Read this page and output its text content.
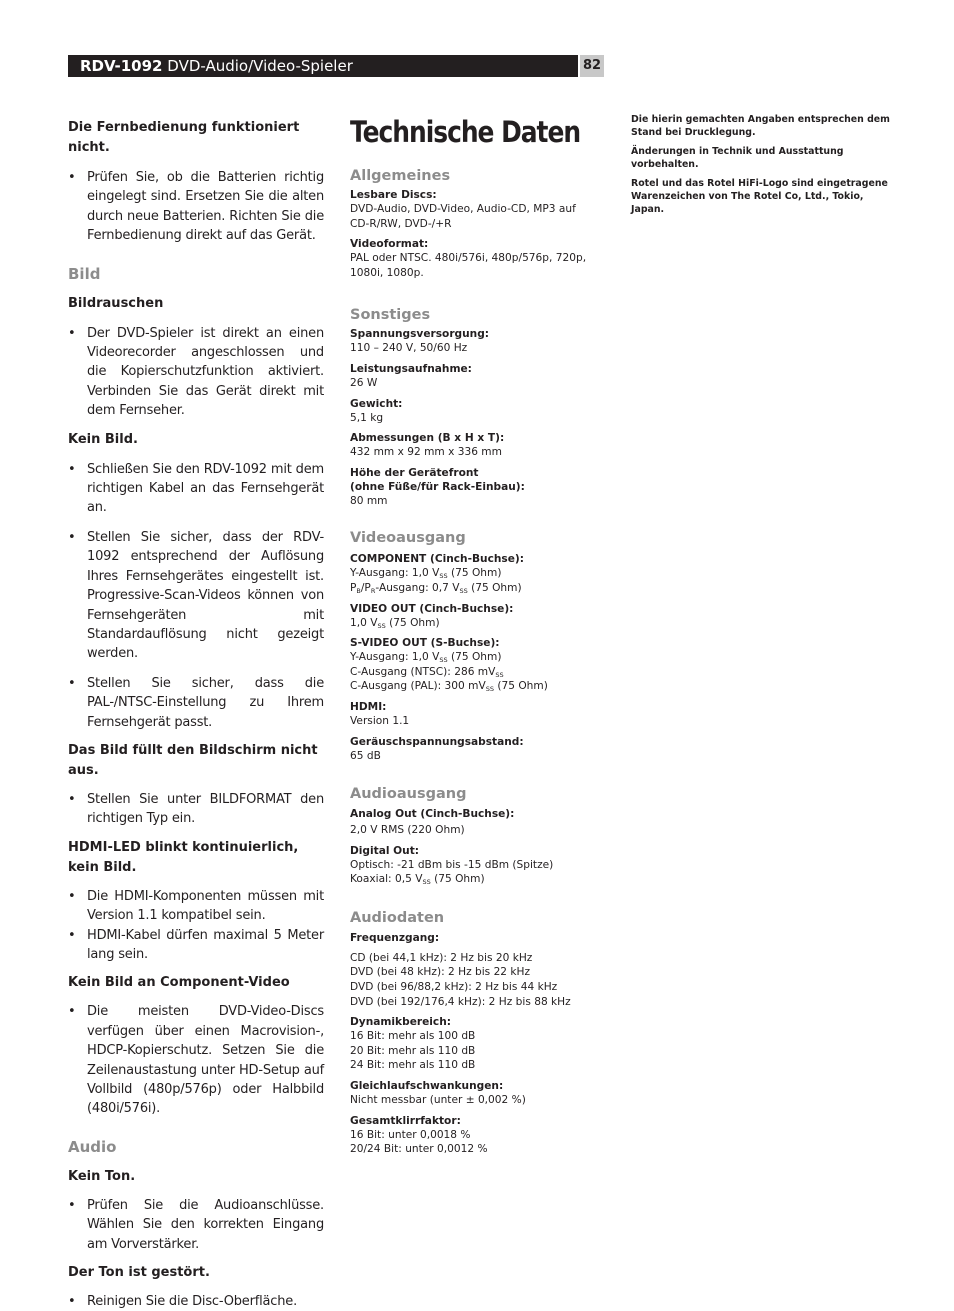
RDV-1092 DVD-Audio/Video-Spieler	82

Die Fernbedienung funktioniert nicht.

• Prüfen Sie, ob die Batterien richtig eingelegt sind. Ersetzen Sie die alten durch neue Batterien. Richten Sie die Fernbedienung direkt auf das Gerät.
Bild

Bildrauschen

• Der DVD-Spieler ist direkt an einen Videorecorder angeschlossen und die Kopierschutzfunktion aktiviert. Verbinden Sie das Gerät direkt mit dem Fernseher.

Kein Bild.

• Schließen Sie den RDV-1092 mit dem richtigen Kabel an das Fernsehgerät an.
• Stellen Sie sicher, dass der RDV-1092 entsprechend der Auflösung Ihres Fernsehgerätes eingestellt ist. Progressive-Scan-Videos können von Fernsehgeräten mit Standardauflösung nicht gezeigt werden.
• Stellen Sie sicher, dass die PAL-/NTSC-Einstellung zu Ihrem Fernsehgerät passt.

Das Bild füllt den Bildschirm nicht aus.

• Stellen Sie unter BILDFORMAT den richtigen Typ ein.

HDMI-LED blinkt kontinuierlich, kein Bild.

• Die HDMI-Komponenten müssen mit Version 1.1 kompatibel sein.
• HDMI-Kabel dürfen maximal 5 Meter lang sein.

Kein Bild an Component-Video

• Die meisten DVD-Video-Discs verfügen über einen Macrovision-, HDCP-Kopierschutz. Setzen Sie die Zeilenaustastung unter HD-Setup auf Vollbild (480p/576p) oder Halbbild (480i/576i).
Audio

Kein Ton.

• Prüfen Sie die Audioanschlüsse. Wählen Sie den korrekten Eingang am Vorverstärker.

Der Ton ist gestört.

• Reinigen Sie die Disc-Oberfläche.
Technische Daten
Allgemeines

Lesbare Discs:

DVD-Audio, DVD-Video, Audio-CD, MP3 auf
CD-R/RW, DVD-/+R

Videoformat:

PAL oder NTSC. 480i/576i, 480p/576p, 720p,
1080i, 1080p.

Sonstiges

Spannungsversorgung:

110 – 240 V, 50/60 Hz

Leistungsaufnahme:

26 W

Gewicht:

5,1 kg

Abmessungen (B x H x T):

432 mm x 92 mm x 336 mm

Höhe der Gerätefront
(ohne Füße/für Rack-Einbau):

80 mm

Videoausgang

COMPONENT (Cinch-Buchse):

Y-Ausgang: 1,0 $V_{SS}$ (75 Ohm)
$P_B/P_R$-Ausgang: 0,7 $V_{SS}$ (75 Ohm)

VIDEO OUT (Cinch-Buchse):

1,0 $V_{SS}$ (75 Ohm)

S-VIDEO OUT (S-Buchse):

Y-Ausgang: 1,0 $V_{SS}$ (75 Ohm)
C-Ausgang (NTSC): 286 $mV_{SS}$
C-Ausgang (PAL): 300 $mV_{SS}$ (75 Ohm)

HDMI:

Version 1.1

Geräuschspannungsabstand:

65 dB

Audioausgang

Analog Out (Cinch-Buchse):

2,0 V RMS (220 Ohm)

Digital Out:

Optisch: -21 dBm bis -15 dBm (Spitze)
Koaxial: 0,5 $V_{SS}$ (75 Ohm)

Audiodaten

Frequenzgang:

CD (bei 44,1 kHz): 2 Hz bis 20 kHz
DVD (bei 48 kHz): 2 Hz bis 22 kHz
DVD (bei 96/88,2 kHz): 2 Hz bis 44 kHz
DVD (bei 192/176,4 kHz): 2 Hz bis 88 kHz

Dynamikbereich:

16 Bit: mehr als 100 dB
20 Bit: mehr als 110 dB
24 Bit: mehr als 110 dB

Gleichlaufschwankungen:

Nicht messbar (unter ± 0,002 %)

Gesamtklirrfaktor:

16 Bit: unter 0,0018 %
20/24 Bit: unter 0,0012 %

Die hierin gemachten Angaben entsprechen dem Stand bei Drucklegung.

Änderungen in Technik und Ausstattung vorbehalten.

Rotel und das Rotel HiFi-Logo sind eingetragene Warenzeichen von The Rotel Co, Ltd., Tokio, Japan.
